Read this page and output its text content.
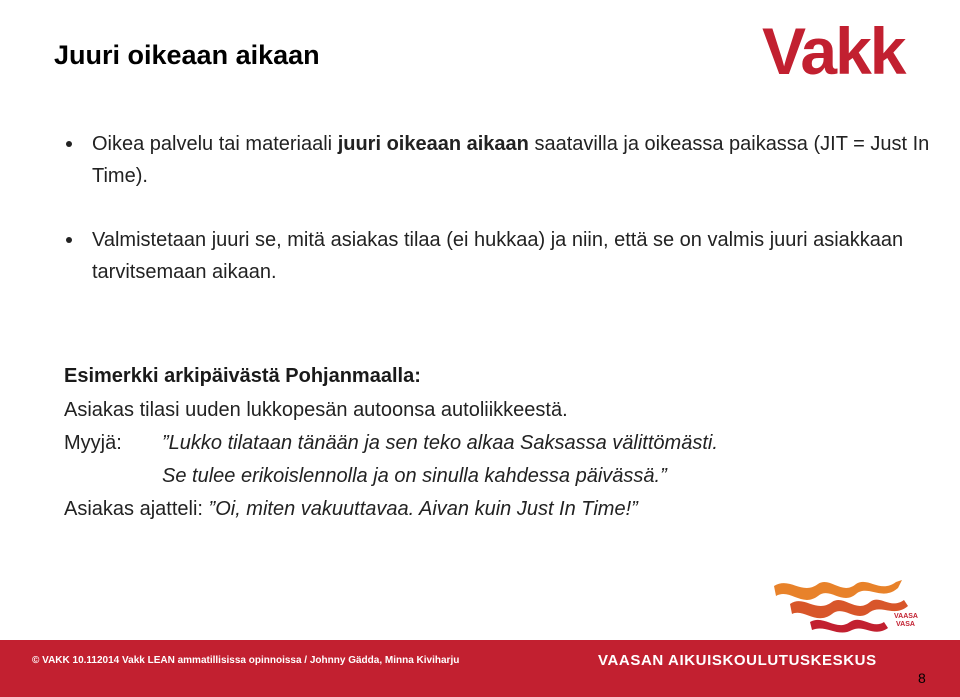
Juuri oikeaan aikaan	Vakk
Oikea palvelu tai materiaali juuri oikeaan aikaan saatavilla ja oikeassa paikassa (JIT = Just In Time).
Valmistetaan juuri se, mitä asiakas tilaa (ei hukkaa) ja niin, että se on valmis juuri asiakkaan tarvitsemaan aikaan.
Esimerkki arkipäivästä Pohjanmaalla:
Asiakas tilasi uuden lukkopesän autoonsa autoliikkeestä.
Myyjä: ”Lukko tilataan tänään ja sen teko alkaa Saksassa välittömästi.
Se tulee erikoislennolla ja on sinulla kahdessa päivässä.”
Asiakas ajatteli: ”Oi, miten vakuuttavaa. Aivan kuin Just In Time!”
VAASA
VASA
© VAKK 10.112014 Vakk LEAN ammatillisissa opinnoissa / Johnny Gädda, Minna Kiviharju	VAASAN AIKUISKOULUTUSKESKUS
8
